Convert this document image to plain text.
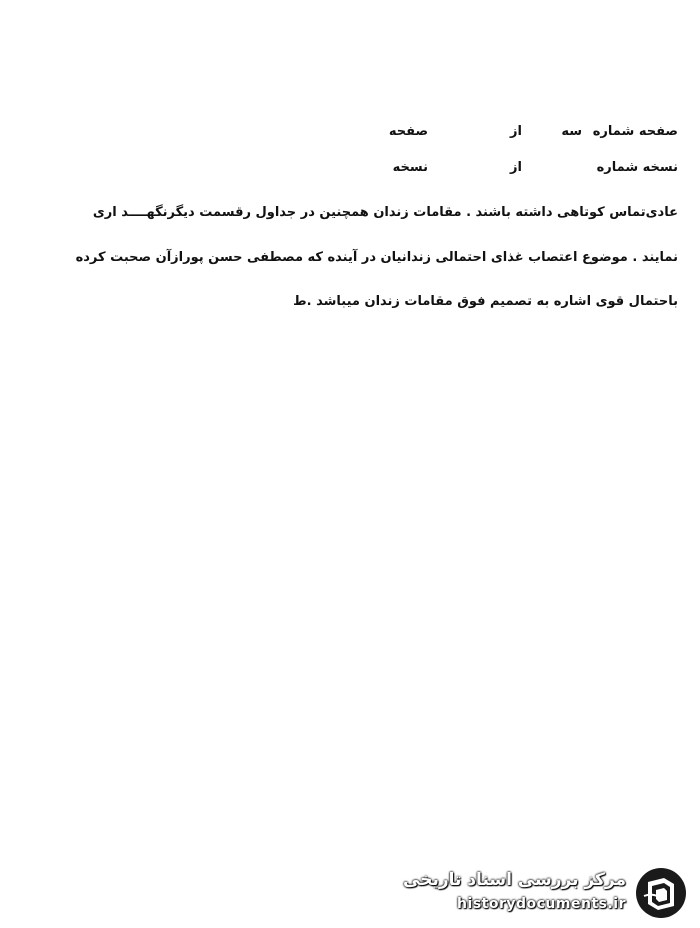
صفحه شماره
سه
از
صفحه
نسخه شماره
از
نسخه
عادی‌تماس کوتاهی داشته باشند . مقامات زندان همچنین در جداول رقسمت دیگرنگهــــد اری
نمایند . موضوع اعتصاب غذای احتمالی زندانیان در آینده که مصطفی حسن پورازآن صحبت کرده
باحتمال قوی اشاره به تصمیم فوق مقامات زندان میباشد .ط
مرکز بررسی اسناد تاریخی
historydocuments.ir
